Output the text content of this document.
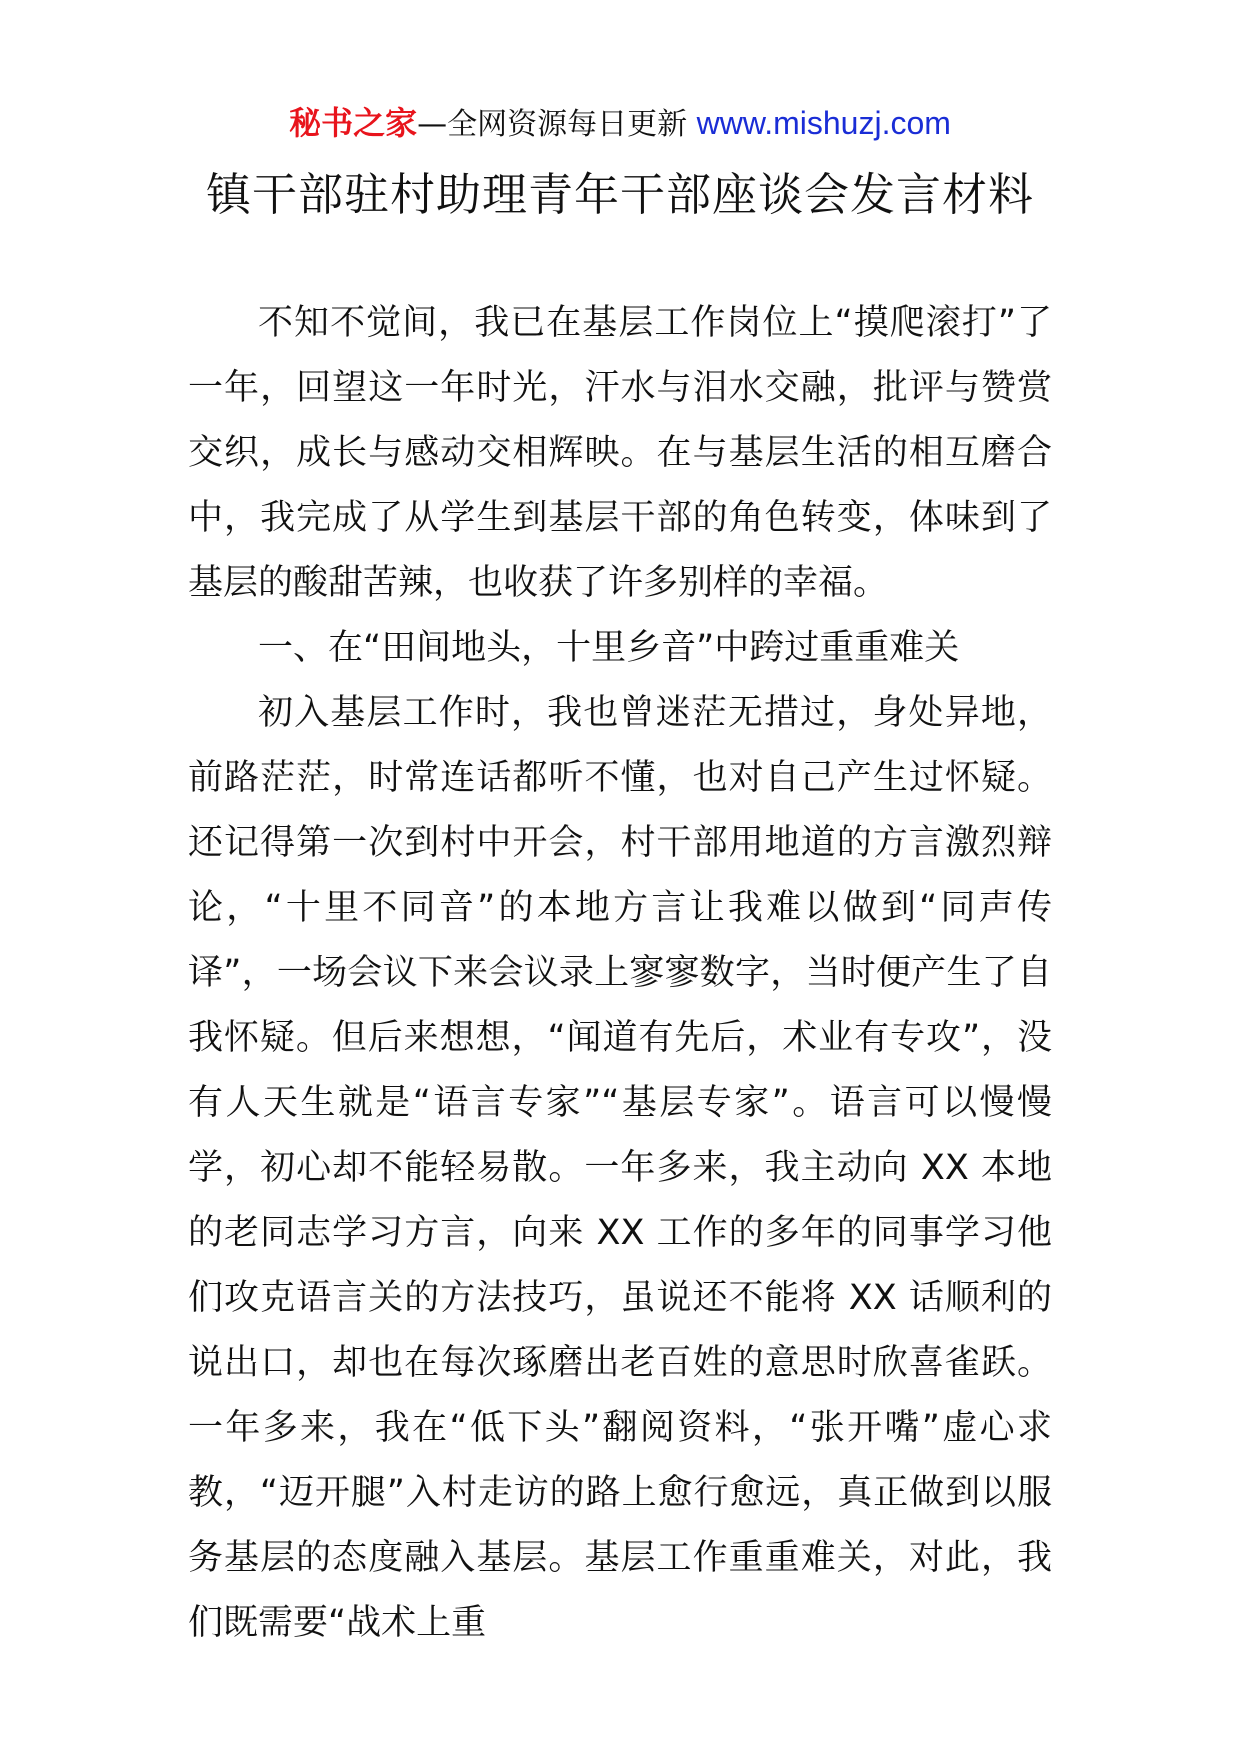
秘书之家—全网资源每日更新 www.mishuzj.com
镇干部驻村助理青年干部座谈会发言材料

不知不觉间，我已在基层工作岗位上“摸爬滚打”了一年，回望这一年时光，汗水与泪水交融，批评与赞赏交织，成长与感动交相辉映。在与基层生活的相互磨合中，我完成了从学生到基层干部的角色转变，体味到了基层的酸甜苦辣，也收获了许多别样的幸福。

一、在“田间地头，十里乡音”中跨过重重难关

初入基层工作时，我也曾迷茫无措过，身处异地，前路茫茫，时常连话都听不懂，也对自己产生过怀疑。还记得第一次到村中开会，村干部用地道的方言激烈辩论，“十里不同音”的本地方言让我难以做到“同声传译”，一场会议下来会议录上寥寥数字，当时便产生了自我怀疑。但后来想想，“闻道有先后，术业有专攻”，没有人天生就是“语言专家”“基层专家”。语言可以慢慢学，初心却不能轻易散。一年多来，我主动向 XX 本地的老同志学习方言，向来 XX 工作的多年的同事学习他们攻克语言关的方法技巧，虽说还不能将 XX 话顺利的说出口，却也在每次琢磨出老百姓的意思时欣喜雀跃。一年多来，我在“低下头”翻阅资料，“张开嘴”虚心求教，“迈开腿”入村走访的路上愈行愈远，真正做到以服务基层的态度融入基层。基层工作重重难关，对此，我们既需要“战术上重
